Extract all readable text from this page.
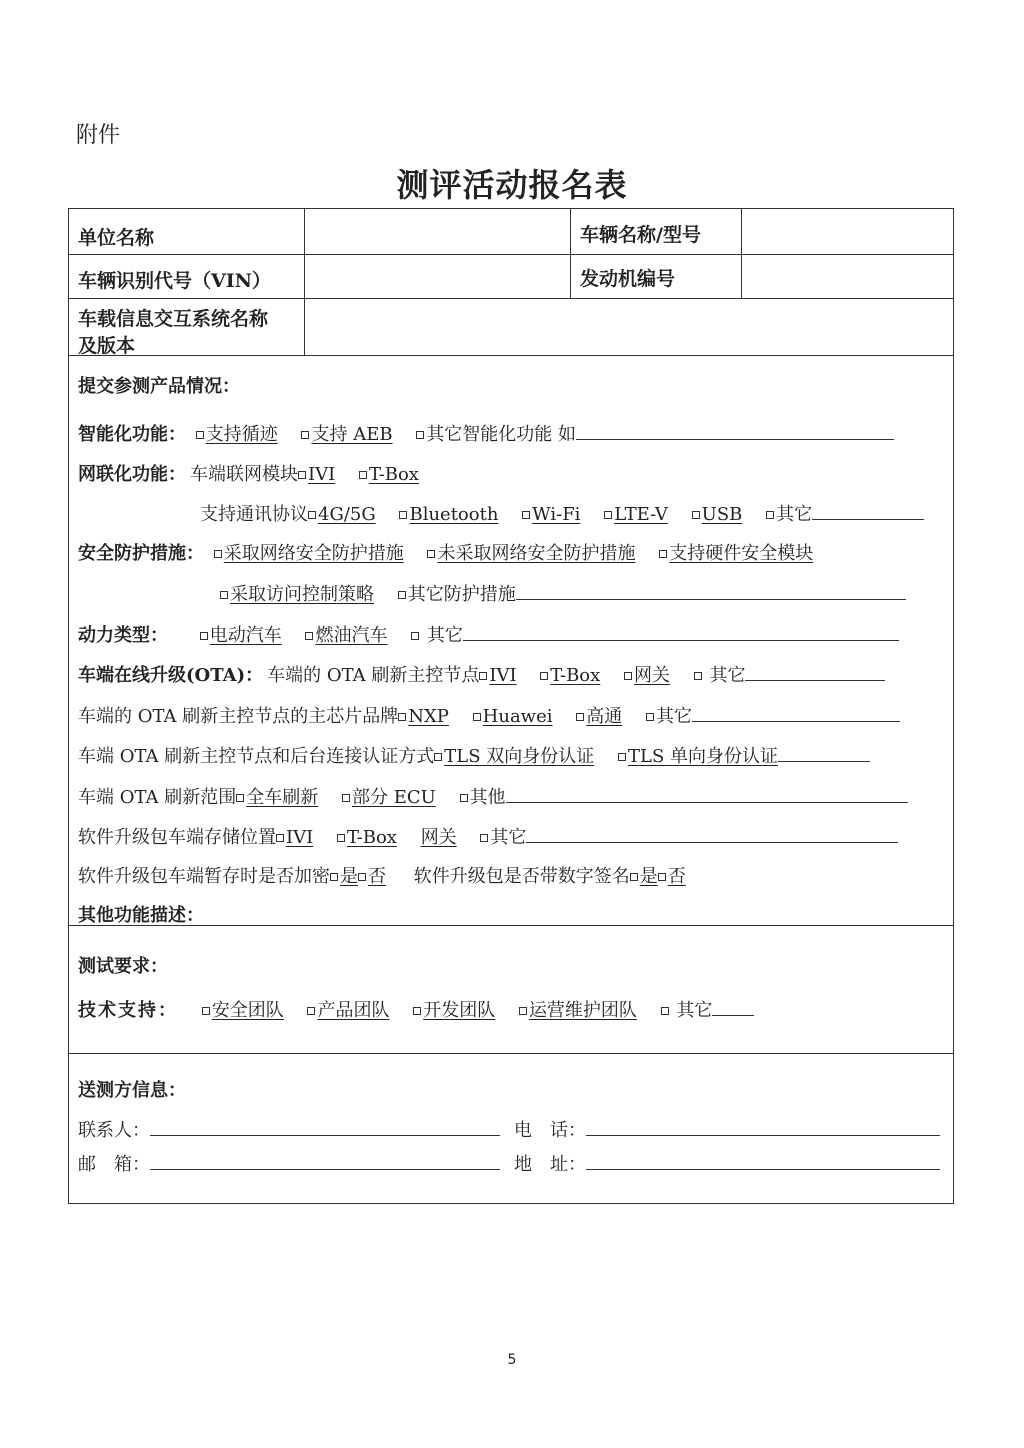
附件
测评活动报名表
单位名称	车辆名称/型号
车辆识别代号（VIN）	发动机编号
车载信息交互系统名称
及版本
提交参测产品情况：
智能化功能： 支持循迹 支持 AEB 其它智能化功能 如
网联化功能： 车端联网模块 IVI T-Box
支持通讯协议 4G/5G Bluetooth Wi-Fi LTE-V USB 其它
安全防护措施： 采取网络安全防护措施 未采取网络安全防护措施 支持硬件安全模块
采取访问控制策略 其它防护措施
动力类型： 电动汽车 燃油汽车  其它
车端在线升级(OTA)： 车端的 OTA 刷新主控节点 IVI T-Box 网关  其它
车端的 OTA 刷新主控节点的主芯片品牌 NXP Huawei 高通 其它
车端 OTA 刷新主控节点和后台连接认证方式 TLS 双向身份认证 TLS 单向身份认证
车端 OTA 刷新范围 全车刷新 部分 ECU 其他
软件升级包车端存储位置 IVI T-Box 网关 其它
软件升级包车端暂存时是否加密 是 否 软件升级包是否带数字签名 是 否
其他功能描述：
测试要求：
技术支持： 安全团队 产品团队 开发团队 运营维护团队  其它
送测方信息：
联系人：	电　话：
邮　箱：	地　址：
5
